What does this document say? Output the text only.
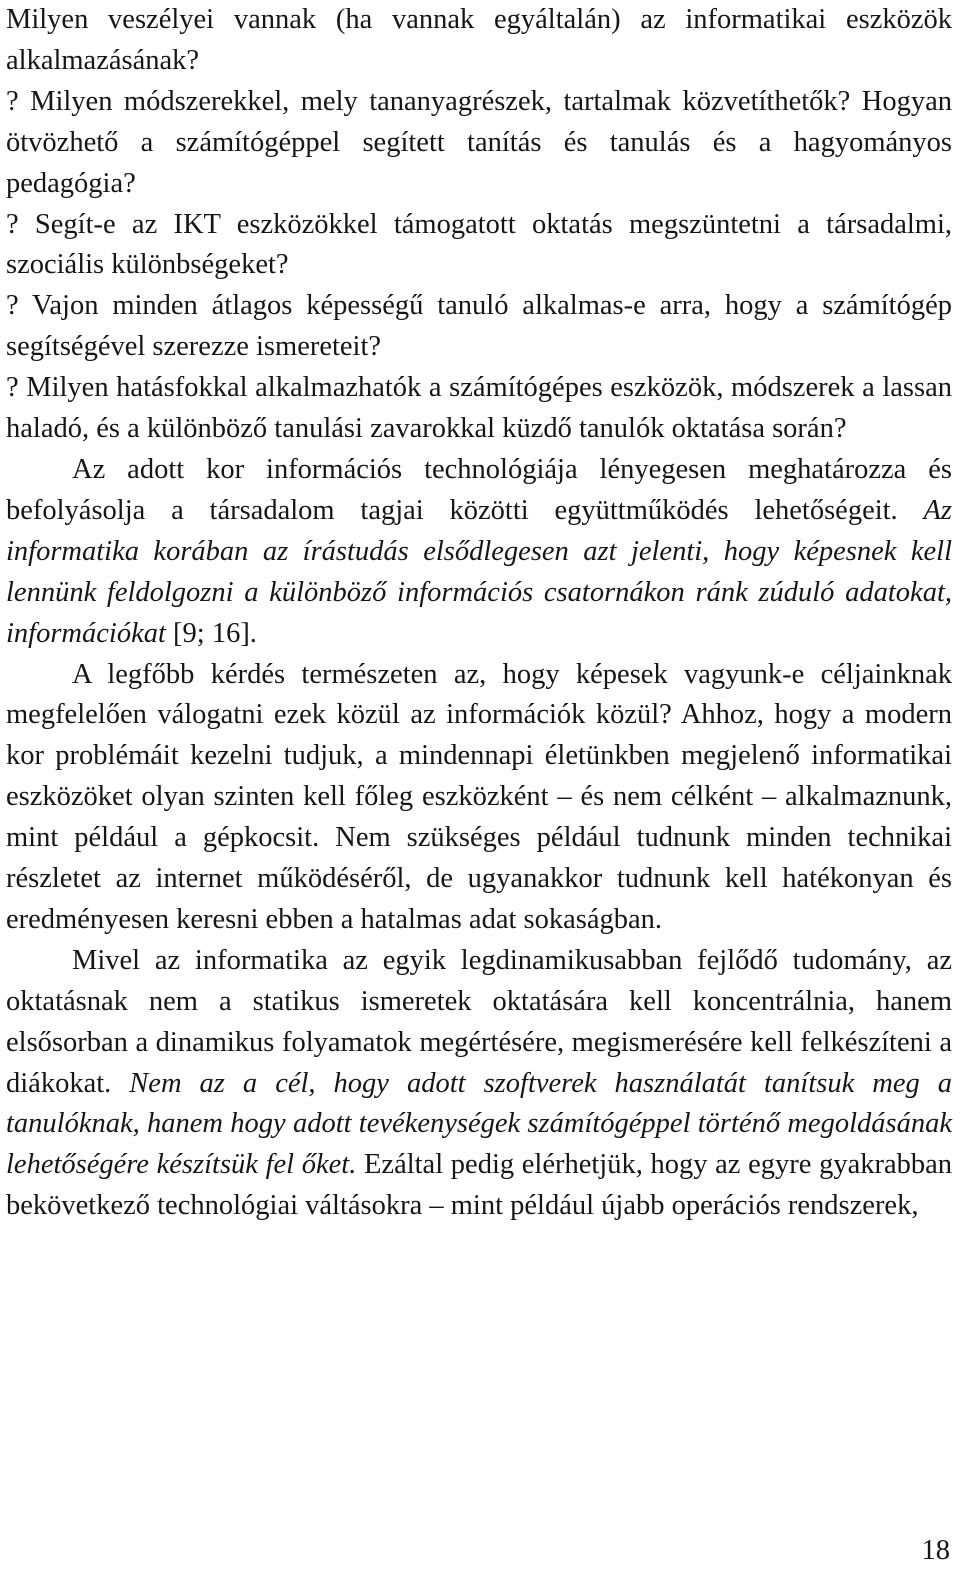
Milyen veszélyei vannak (ha vannak egyáltalán) az informatikai eszközök alkalmazásának?

? Milyen módszerekkel, mely tananyagrészek, tartalmak közvetíthetők? Hogyan ötvözhető a számítógéppel segített tanítás és tanulás és a hagyományos pedagógia?

? Segít-e az IKT eszközökkel támogatott oktatás megszüntetni a társadalmi, szociális különbségeket?

? Vajon minden átlagos képességű tanuló alkalmas-e arra, hogy a számítógép segítségével szerezze ismereteit?

? Milyen hatásfokkal alkalmazhatók a számítógépes eszközök, módszerek a lassan haladó, és a különböző tanulási zavarokkal küzdő tanulók oktatása során?

Az adott kor információs technológiája lényegesen meghatározza és befolyásolja a társadalom tagjai közötti együttműködés lehetőségeit. Az informatika korában az írástudás elsődlegesen azt jelenti, hogy képesnek kell lennünk feldolgozni a különböző információs csatornákon ránk zúduló adatokat, információkat [9; 16].

A legfőbb kérdés természeten az, hogy képesek vagyunk-e céljainknak megfelelően válogatni ezek közül az információk közül? Ahhoz, hogy a modern kor problémáit kezelni tudjuk, a mindennapi életünkben megjelenő informatikai eszközöket olyan szinten kell főleg eszközként – és nem célként – alkalmaznunk, mint például a gépkocsit. Nem szükséges például tudnunk minden technikai részletet az internet működéséről, de ugyanakkor tudnunk kell hatékonyan és eredményesen keresni ebben a hatalmas adat sokaságban.

Mivel az informatika az egyik legdinamikusabban fejlődő tudomány, az oktatásnak nem a statikus ismeretek oktatására kell koncentrálnia, hanem elsősorban a dinamikus folyamatok megértésére, megismerésére kell felkészíteni a diákokat. Nem az a cél, hogy adott szoftverek használatát tanítsuk meg a tanulóknak, hanem hogy adott tevékenységek számítógéppel történő megoldásának lehetőségére készítsük fel őket. Ezáltal pedig elérhetjük, hogy az egyre gyakrabban bekövetkező technológiai váltásokra – mint például újabb operációs rendszerek,

18
